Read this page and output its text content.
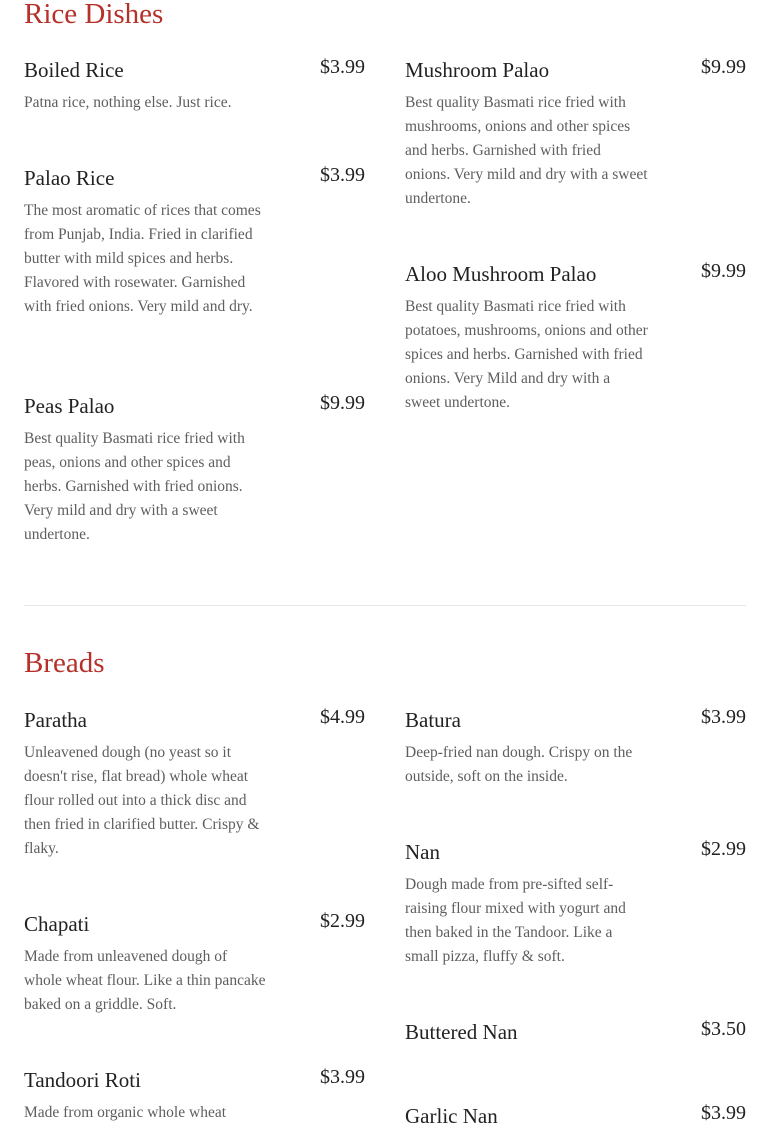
Rice Dishes
Boiled Rice	$3.99

Patna rice, nothing else. Just rice.

Palao Rice	$3.99

The most aromatic of rices that comes from Punjab, India. Fried in clarified butter with mild spices and herbs. Flavored with rosewater. Garnished with fried onions. Very mild and dry.

Peas Palao	$9.99

Best quality Basmati rice fried with peas, onions and other spices and herbs. Garnished with fried onions. Very mild and dry with a sweet undertone.

Mushroom Palao	$9.99

Best quality Basmati rice fried with mushrooms, onions and other spices and herbs. Garnished with fried onions. Very mild and dry with a sweet undertone.

Aloo Mushroom Palao	$9.99

Best quality Basmati rice fried with potatoes, mushrooms, onions and other spices and herbs. Garnished with fried onions. Very Mild and dry with a sweet undertone.

Breads
Paratha	$4.99

Unleavened dough (no yeast so it doesn't rise, flat bread) whole wheat flour rolled out into a thick disc and then fried in clarified butter. Crispy & flaky.

Chapati	$2.99

Made from unleavened dough of whole wheat flour. Like a thin pancake baked on a griddle. Soft.

Tandoori Roti	$3.99

Made from organic whole wheat

Batura	$3.99

Deep-fried nan dough. Crispy on the outside, soft on the inside.

Nan	$2.99

Dough made from pre-sifted self-raising flour mixed with yogurt and then baked in the Tandoor. Like a small pizza, fluffy & soft.

Buttered Nan	$3.50
Garlic Nan	$3.99
